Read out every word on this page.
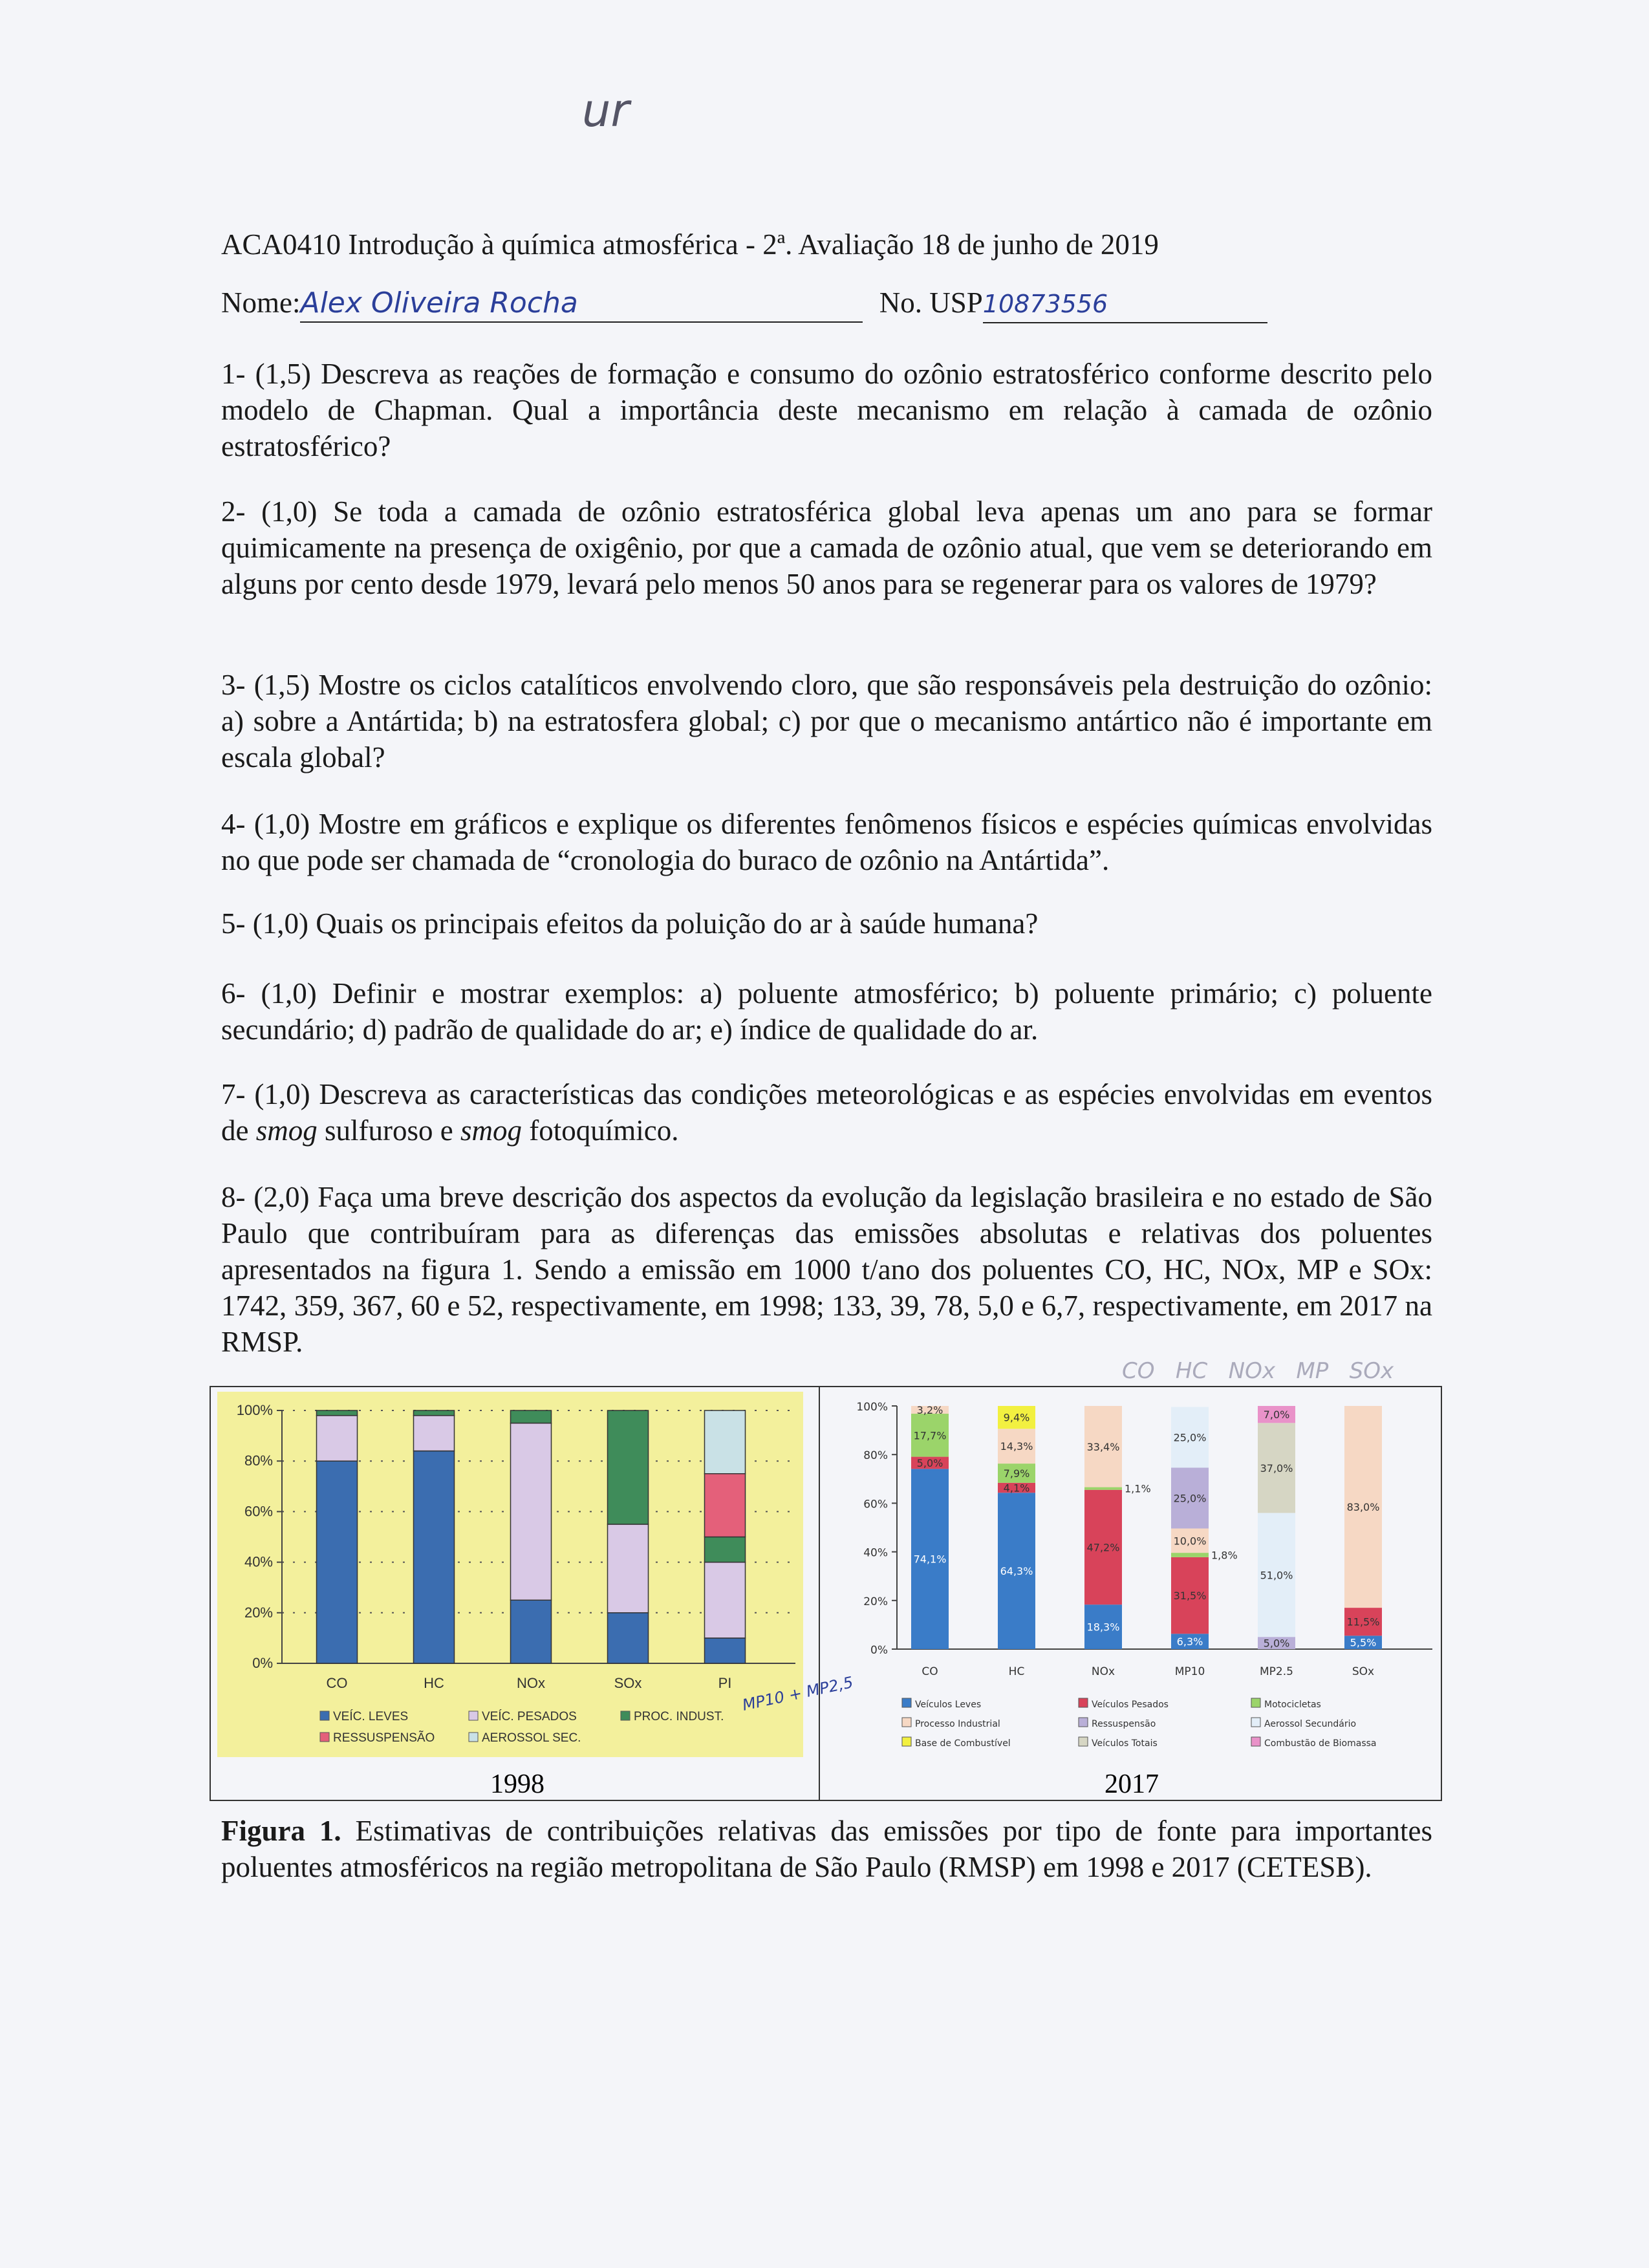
ur
ACA0410 Introdução à química atmosférica - 2ª. Avaliação 18 de junho de 2019
Nome:Alex Oliveira Rocha	No. USP10873556
1- (1,5) Descreva as reações de formação e consumo do ozônio estratosférico conforme descrito pelo modelo de Chapman. Qual a importância deste mecanismo em relação à camada de ozônio estratosférico?
2- (1,0) Se toda a camada de ozônio estratosférica global leva apenas um ano para se formar quimicamente na presença de oxigênio, por que a camada de ozônio atual, que vem se deteriorando em alguns por cento desde 1979, levará pelo menos 50 anos para se regenerar para os valores de 1979?
3- (1,5) Mostre os ciclos catalíticos envolvendo cloro, que são responsáveis pela destruição do ozônio: a) sobre a Antártida; b) na estratosfera global; c) por que o mecanismo antártico não é importante em escala global?
4- (1,0) Mostre em gráficos e explique os diferentes fenômenos físicos e espécies químicas envolvidas no que pode ser chamada de “cronologia do buraco de ozônio na Antártida”.
5- (1,0) Quais os principais efeitos da poluição do ar à saúde humana?
6- (1,0) Definir e mostrar exemplos: a) poluente atmosférico; b) poluente primário; c) poluente secundário; d) padrão de qualidade do ar; e) índice de qualidade do ar.
7- (1,0) Descreva as características das condições meteorológicas e as espécies envolvidas em eventos de smog sulfuroso e smog fotoquímico.
8- (2,0) Faça uma breve descrição dos aspectos da evolução da legislação brasileira e no estado de São Paulo que contribuíram para as diferenças das emissões absolutas e relativas dos poluentes apresentados na figura 1. Sendo a emissão em 1000 t/ano dos poluentes CO, HC, NOx, MP e SOx: 1742, 359, 367, 60 e 52, respectivamente, em 1998; 133, 39, 78, 5,0 e 6,7, respectivamente, em 2017 na RMSP.
CO   HC   NOx   MP   SOx
0%
20%
40%
60%
80%
100%
CO	HC	NOx	SOx	PI
VEÍC. LEVES	VEÍC. PESADOS	PROC. INDUST.
RESSUSPENSÃO	AEROSSOL SEC.
0%
20%
40%
60%
80%
100%
CO	HC	NOx	MP10	MP2.5	SOx
Veículos Leves	Veículos Pesados	Motocicletas
Processo Industrial	Ressuspensão	Aerossol Secundário
Base de Combustível	Veículos Totais	Combustão de Biomassa
74,1%
5,0%
17,7%
3,2%
64,3%
4,1%
7,9%
14,3%
9,4%
18,3%
47,2%
1,1%
33,4%
6,3%
31,5%
1,8%
10,0%
25,0%
25,0%
5,0%
51,0%
37,0%
7,0%
5,5%
11,5%
83,0%
1998	2017
MP10 + MP2,5
Figura 1. Estimativas de contribuições relativas das emissões por tipo de fonte para importantes poluentes atmosféricos na região metropolitana de São Paulo (RMSP) em 1998 e 2017 (CETESB).
